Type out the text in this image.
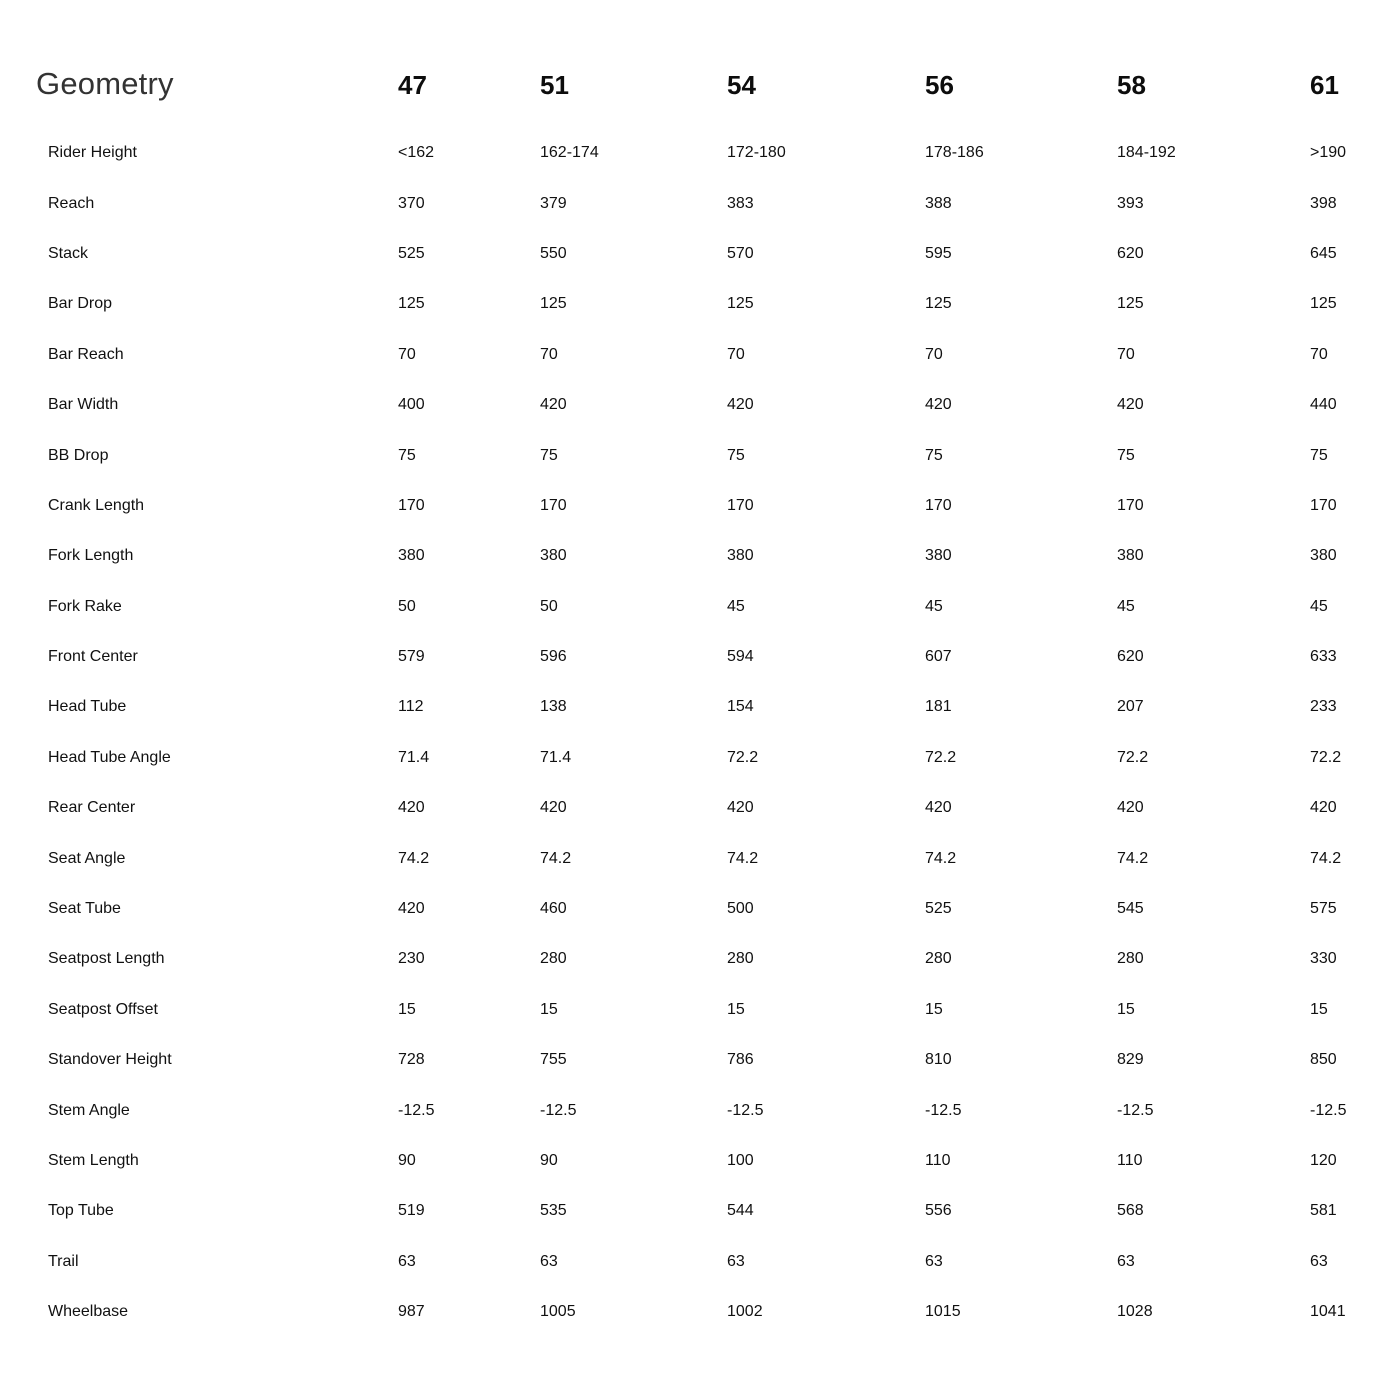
Geometry	47	51	54	56	58	61
Rider Height	<162	162-174	172-180	178-186	184-192	>190
Reach	370	379	383	388	393	398
Stack	525	550	570	595	620	645
Bar Drop	125	125	125	125	125	125
Bar Reach	70	70	70	70	70	70
Bar Width	400	420	420	420	420	440
BB Drop	75	75	75	75	75	75
Crank Length	170	170	170	170	170	170
Fork Length	380	380	380	380	380	380
Fork Rake	50	50	45	45	45	45
Front Center	579	596	594	607	620	633
Head Tube	112	138	154	181	207	233
Head Tube Angle	71.4	71.4	72.2	72.2	72.2	72.2
Rear Center	420	420	420	420	420	420
Seat Angle	74.2	74.2	74.2	74.2	74.2	74.2
Seat Tube	420	460	500	525	545	575
Seatpost Length	230	280	280	280	280	330
Seatpost Offset	15	15	15	15	15	15
Standover Height	728	755	786	810	829	850
Stem Angle	-12.5	-12.5	-12.5	-12.5	-12.5	-12.5
Stem Length	90	90	100	110	110	120
Top Tube	519	535	544	556	568	581
Trail	63	63	63	63	63	63
Wheelbase	987	1005	1002	1015	1028	1041
